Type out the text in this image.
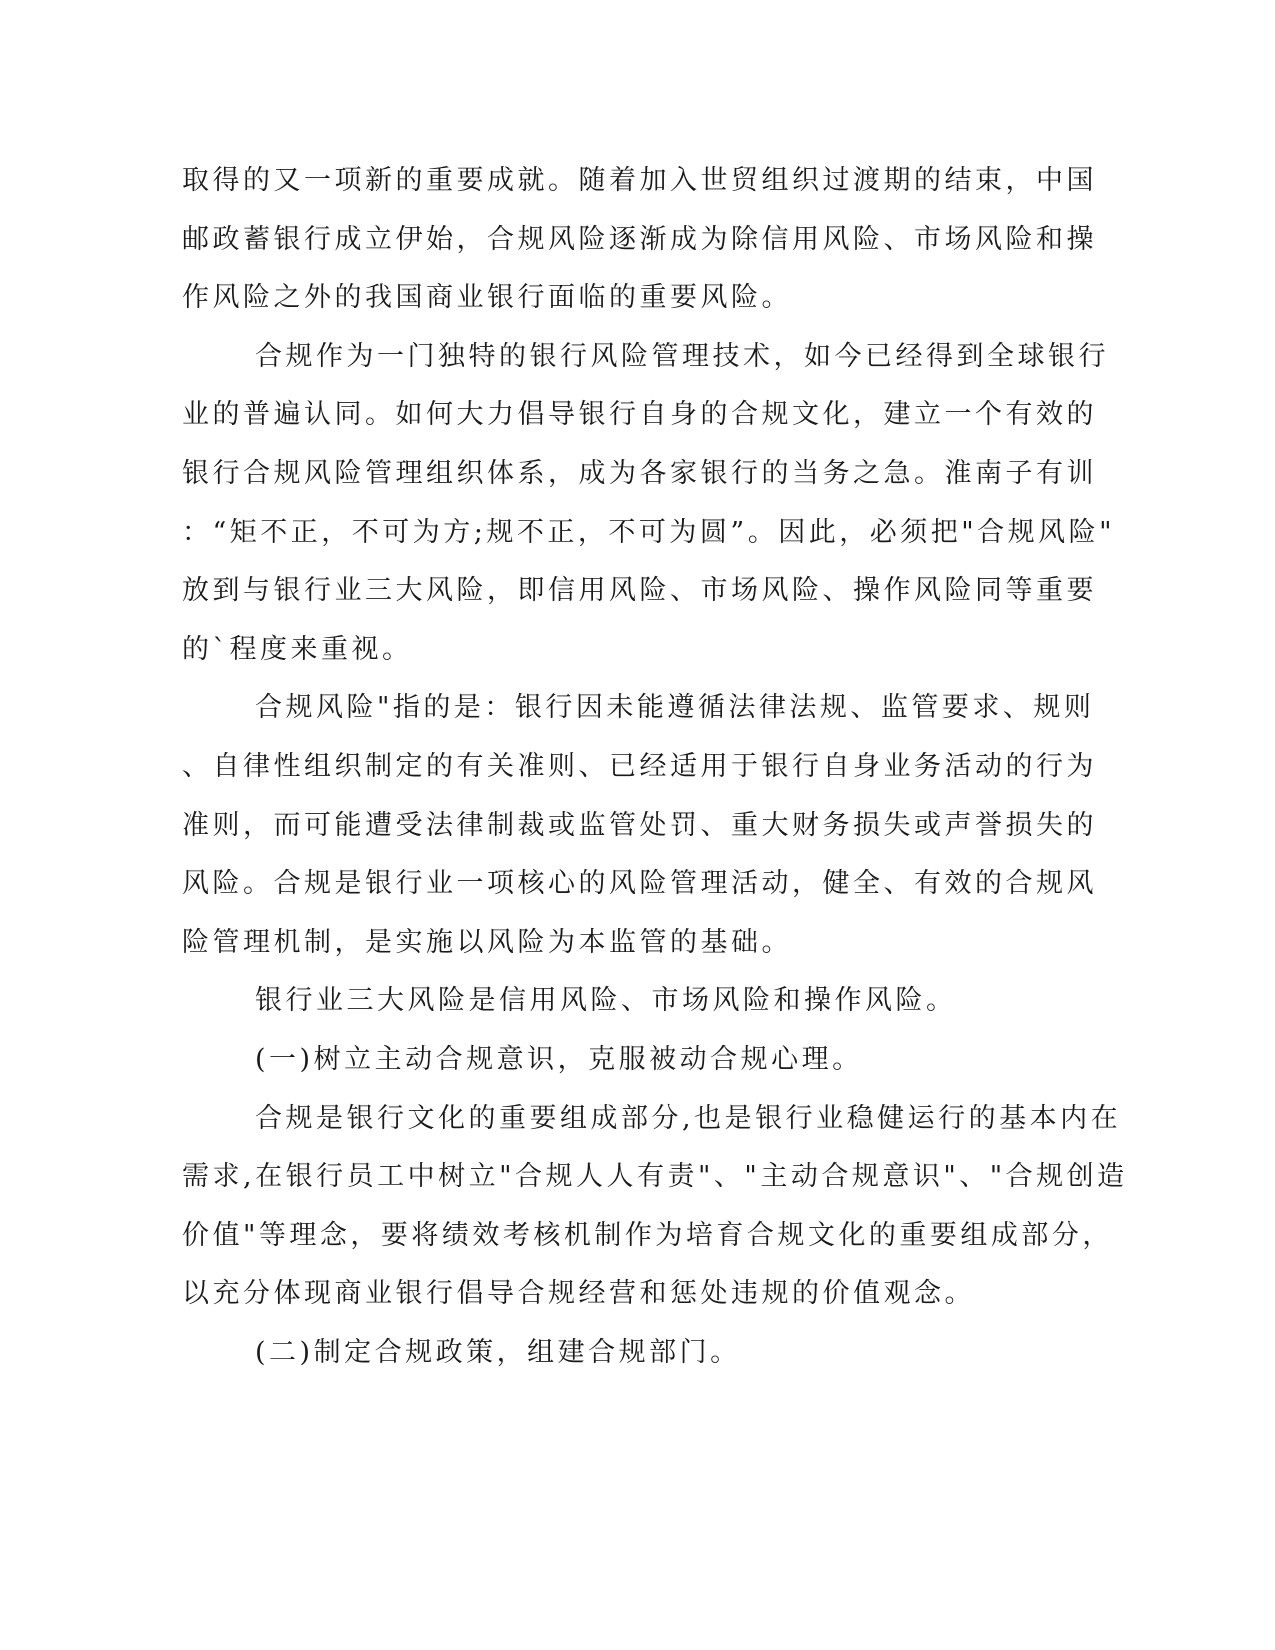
取得的又一项新的重要成就。随着加入世贸组织过渡期的结束，中国
邮政蓄银行成立伊始，合规风险逐渐成为除信用风险、市场风险和操
作风险之外的我国商业银行面临的重要风险。
合规作为一门独特的银行风险管理技术，如今已经得到全球银行
业的普遍认同。如何大力倡导银行自身的合规文化，建立一个有效的
银行合规风险管理组织体系，成为各家银行的当务之急。淮南子有训
：“矩不正，不可为方;规不正，不可为圆”。因此，必须把"合规风险"
放到与银行业三大风险，即信用风险、市场风险、操作风险同等重要
的`程度来重视。
合规风险"指的是：银行因未能遵循法律法规、监管要求、规则
、自律性组织制定的有关准则、已经适用于银行自身业务活动的行为
准则，而可能遭受法律制裁或监管处罚、重大财务损失或声誉损失的
风险。合规是银行业一项核心的风险管理活动，健全、有效的合规风
险管理机制，是实施以风险为本监管的基础。
银行业三大风险是信用风险、市场风险和操作风险。
(一)树立主动合规意识，克服被动合规心理。
合规是银行文化的重要组成部分,也是银行业稳健运行的基本内在
需求,在银行员工中树立"合规人人有责"、"主动合规意识"、"合规创造
价值"等理念，要将绩效考核机制作为培育合规文化的重要组成部分，
以充分体现商业银行倡导合规经营和惩处违规的价值观念。
(二)制定合规政策，组建合规部门。
